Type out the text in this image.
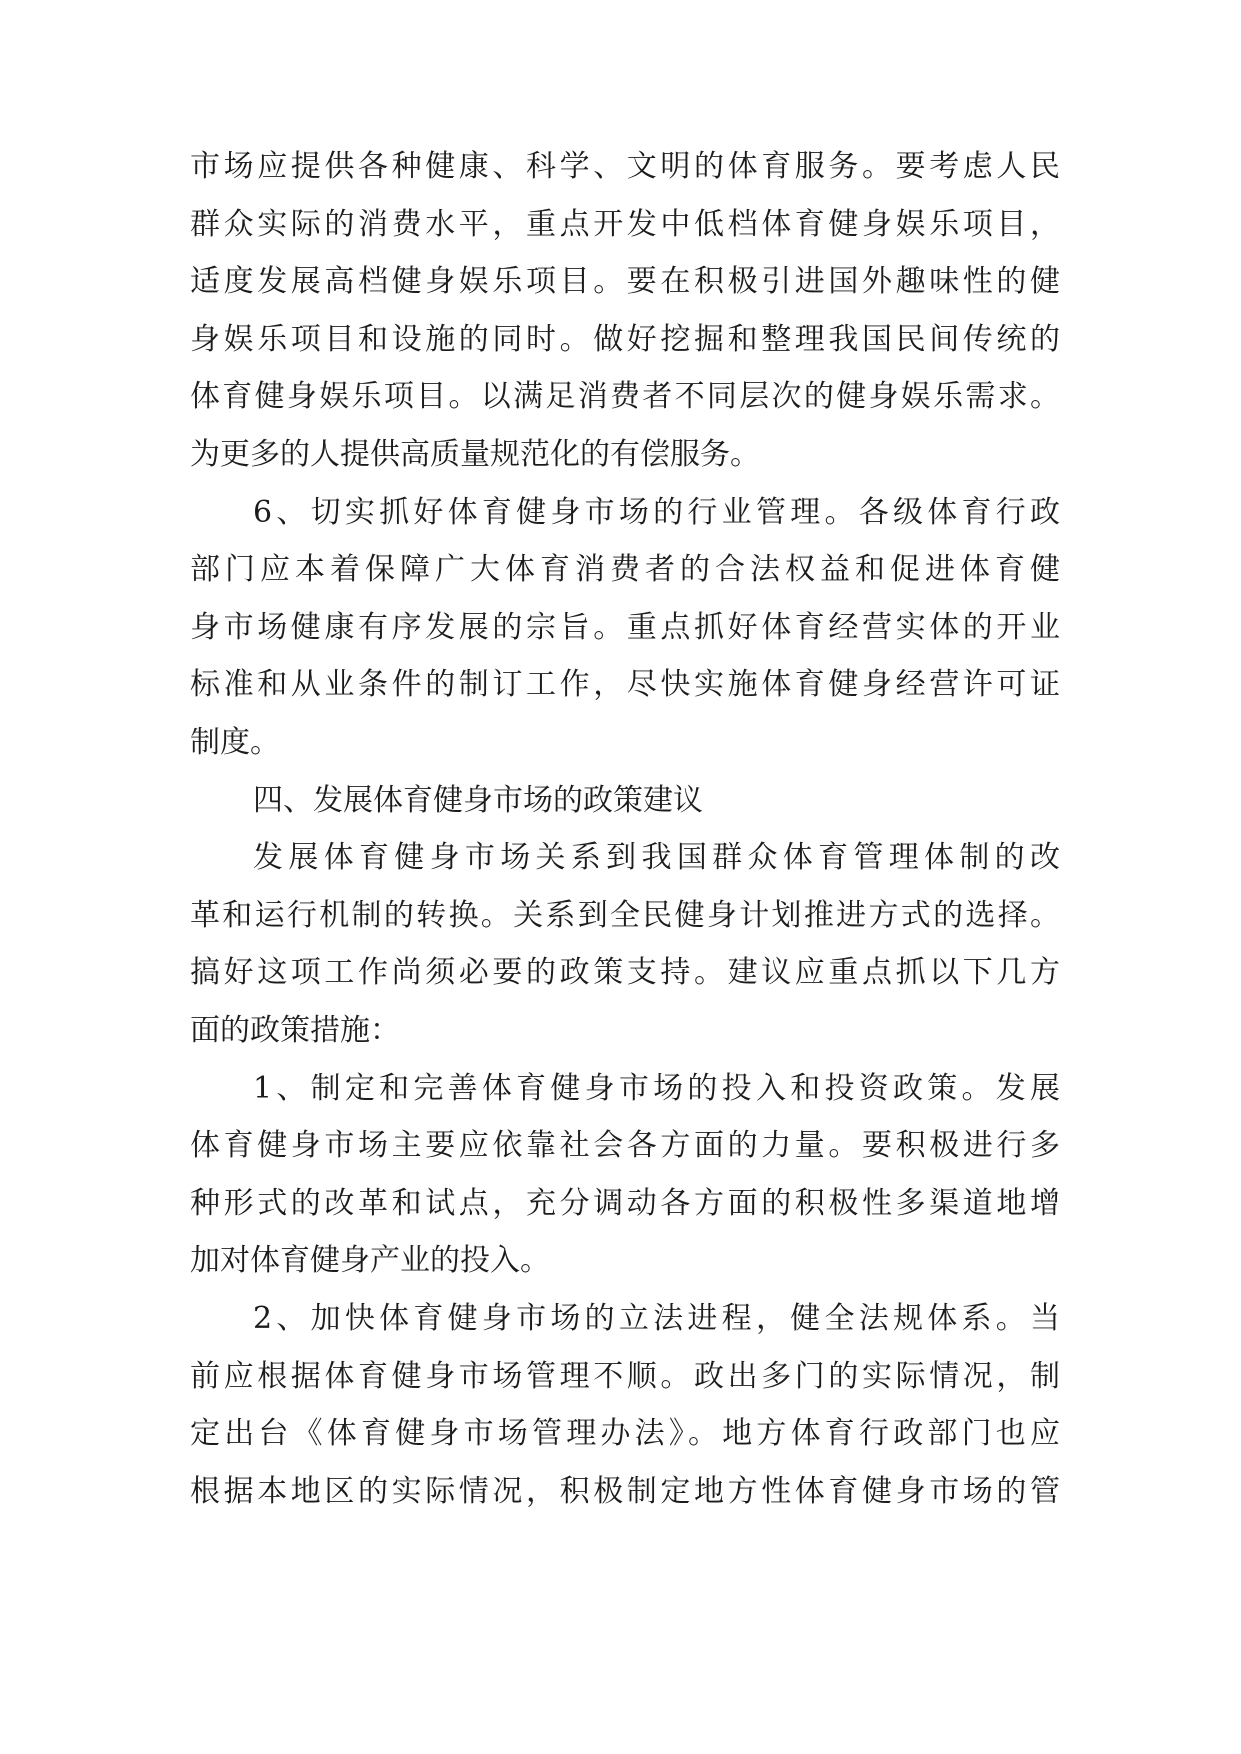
市场应提供各种健康、科学、文明的体育服务。要考虑人民
群众实际的消费水平，重点开发中低档体育健身娱乐项目，
适度发展高档健身娱乐项目。要在积极引进国外趣味性的健
身娱乐项目和设施的同时。做好挖掘和整理我国民间传统的
体育健身娱乐项目。以满足消费者不同层次的健身娱乐需求。
为更多的人提供高质量规范化的有偿服务。
6、切实抓好体育健身市场的行业管理。各级体育行政
部门应本着保障广大体育消费者的合法权益和促进体育健
身市场健康有序发展的宗旨。重点抓好体育经营实体的开业
标准和从业条件的制订工作，尽快实施体育健身经营许可证
制度。
四、发展体育健身市场的政策建议
发展体育健身市场关系到我国群众体育管理体制的改
革和运行机制的转换。关系到全民健身计划推进方式的选择。
搞好这项工作尚须必要的政策支持。建议应重点抓以下几方
面的政策措施：
1、制定和完善体育健身市场的投入和投资政策。发展
体育健身市场主要应依靠社会各方面的力量。要积极进行多
种形式的改革和试点，充分调动各方面的积极性多渠道地增
加对体育健身产业的投入。
2、加快体育健身市场的立法进程，健全法规体系。当
前应根据体育健身市场管理不顺。政出多门的实际情况，制
定出台《体育健身市场管理办法》。地方体育行政部门也应
根据本地区的实际情况，积极制定地方性体育健身市场的管
